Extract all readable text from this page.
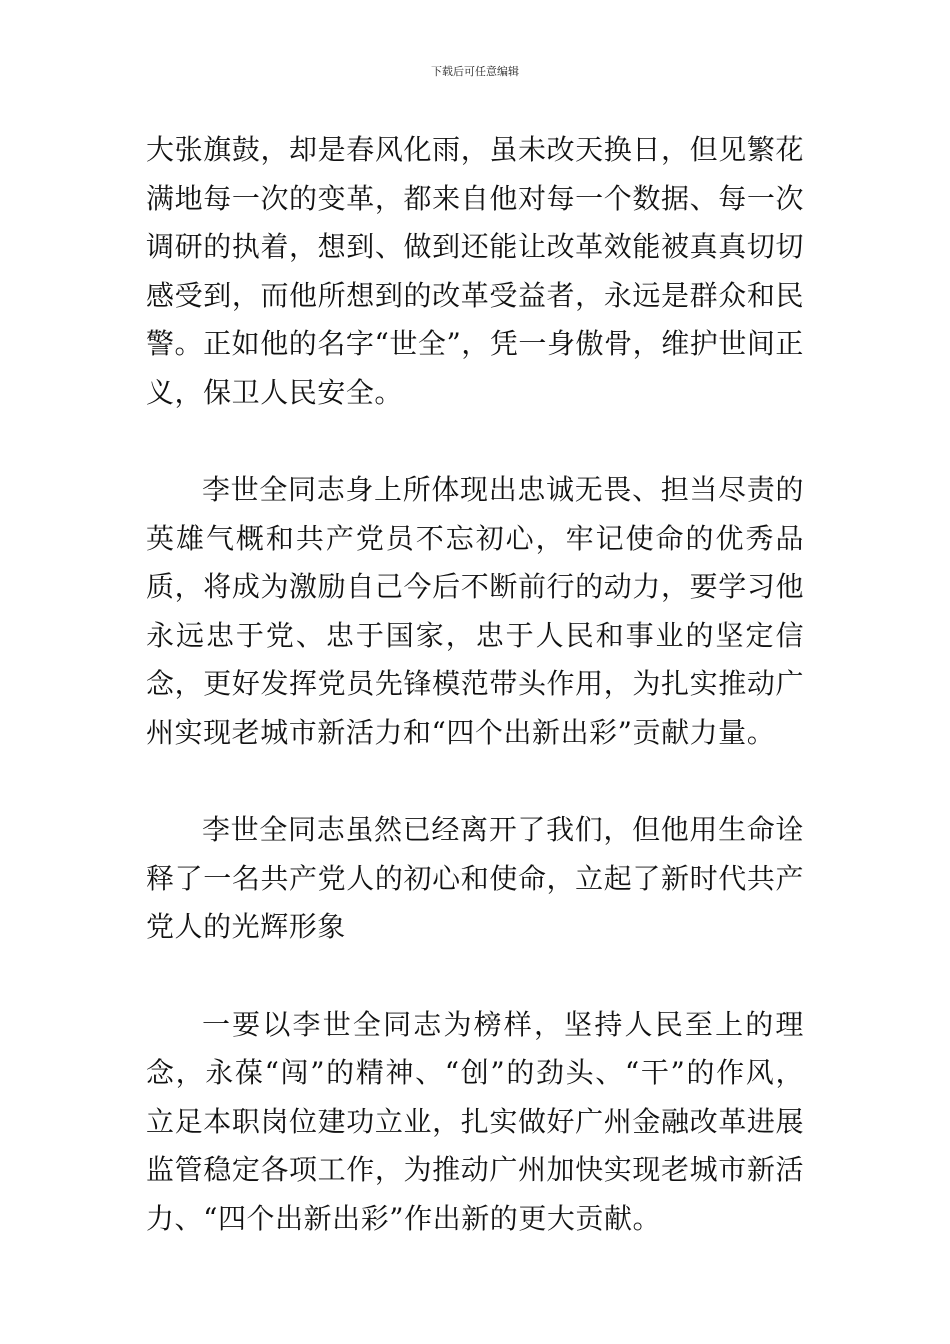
下载后可任意编辑

大张旗鼓，却是春风化雨，虽未改天换日，但见繁花满地每一次的变革，都来自他对每一个数据、每一次调研的执着，想到、做到还能让改革效能被真真切切感受到，而他所想到的改革受益者，永远是群众和民警。正如他的名字“世全”，凭一身傲骨，维护世间正义，保卫人民安全。

李世全同志身上所体现出忠诚无畏、担当尽责的英雄气概和共产党员不忘初心，牢记使命的优秀品质，将成为激励自己今后不断前行的动力，要学习他永远忠于党、忠于国家，忠于人民和事业的坚定信念，更好发挥党员先锋模范带头作用，为扎实推动广州实现老城市新活力和“四个出新出彩”贡献力量。

李世全同志虽然已经离开了我们，但他用生命诠释了一名共产党人的初心和使命，立起了新时代共产党人的光辉形象

一要以李世全同志为榜样，坚持人民至上的理念，永葆“闯”的精神、“创”的劲头、“干”的作风，立足本职岗位建功立业，扎实做好广州金融改革进展监管稳定各项工作，为推动广州加快实现老城市新活力、“四个出新出彩”作出新的更大贡献。
